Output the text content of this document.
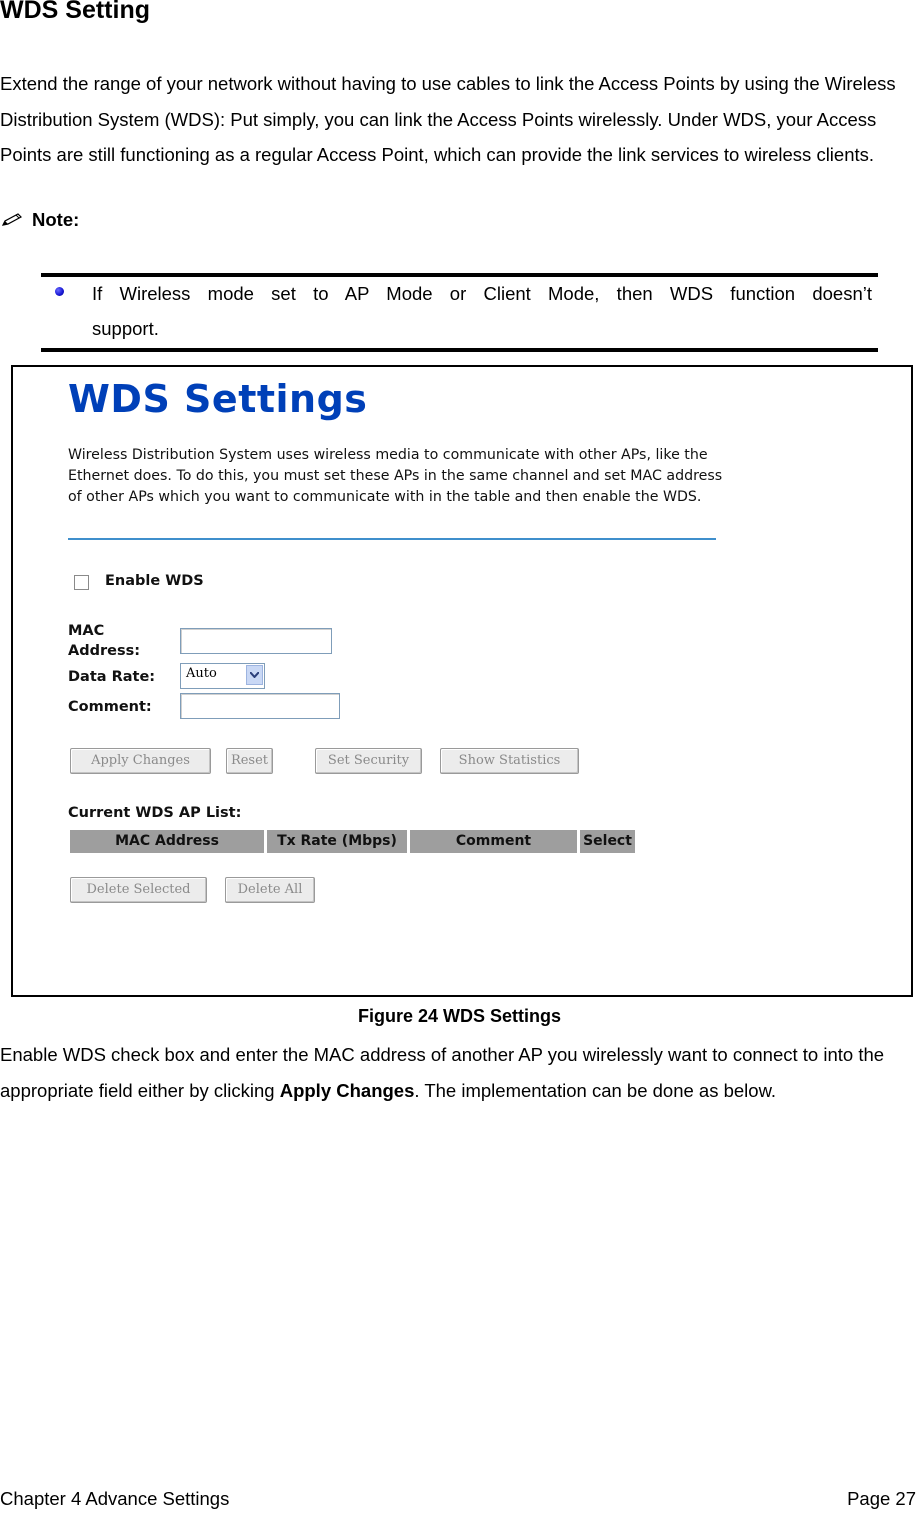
WDS Setting

Extend the range of your network without having to use cables to link the Access Points by using the Wireless Distribution System (WDS): Put simply, you can link the Access Points wirelessly. Under WDS, your Access Points are still functioning as a regular Access Point, which can provide the link services to wireless clients.

Note:

If Wireless mode set to AP Mode or Client Mode, then WDS function doesn’t

support.

WDS Settings

Wireless Distribution System uses wireless media to communicate with other APs, like the Ethernet does. To do this, you must set these APs in the same channel and set MAC address of other APs which you want to communicate with in the table and then enable the WDS.

Enable WDS
MAC
Address:
Data Rate: Auto
Comment:
Apply Changes	Reset	Set Security	Show Statistics
Current WDS AP List:
MAC Address	Tx Rate (Mbps)	Comment	Select
Delete Selected	Delete All

Figure 24 WDS Settings

Enable WDS check box and enter the MAC address of another AP you wirelessly want to connect to into the appropriate field either by clicking Apply Changes. The implementation can be done as below.

Chapter 4 Advance Settings	Page 27
